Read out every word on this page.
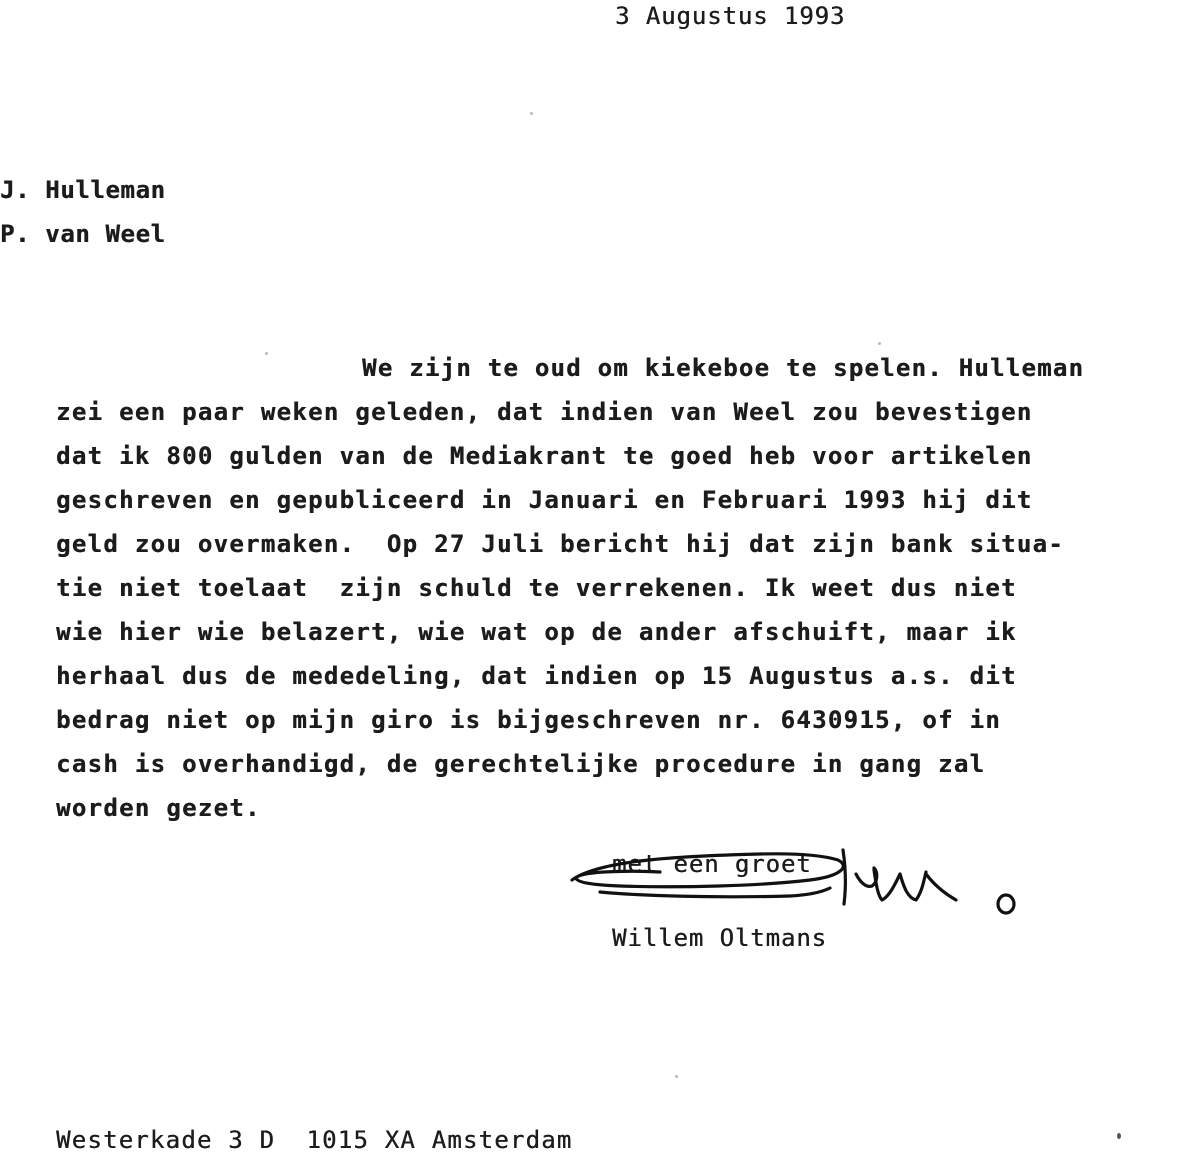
3 Augustus 1993
J. Hulleman
P. van Weel
We zijn te oud om kiekeboe te spelen. Hulleman
zei een paar weken geleden, dat indien van Weel zou bevestigen
dat ik 800 gulden van de Mediakrant te goed heb voor artikelen
geschreven en gepubliceerd in Januari en Februari 1993 hij dit
geld zou overmaken.  Op 27 Juli bericht hij dat zijn bank situa-
tie niet toelaat  zijn schuld te verrekenen. Ik weet dus niet
wie hier wie belazert, wie wat op de ander afschuift, maar ik
herhaal dus de mededeling, dat indien op 15 Augustus a.s. dit
bedrag niet op mijn giro is bijgeschreven nr. 6430915, of in
cash is overhandigd, de gerechtelijke procedure in gang zal
worden gezet.
met een groet
Willem Oltmans
Westerkade 3 D  1015 XA Amsterdam
